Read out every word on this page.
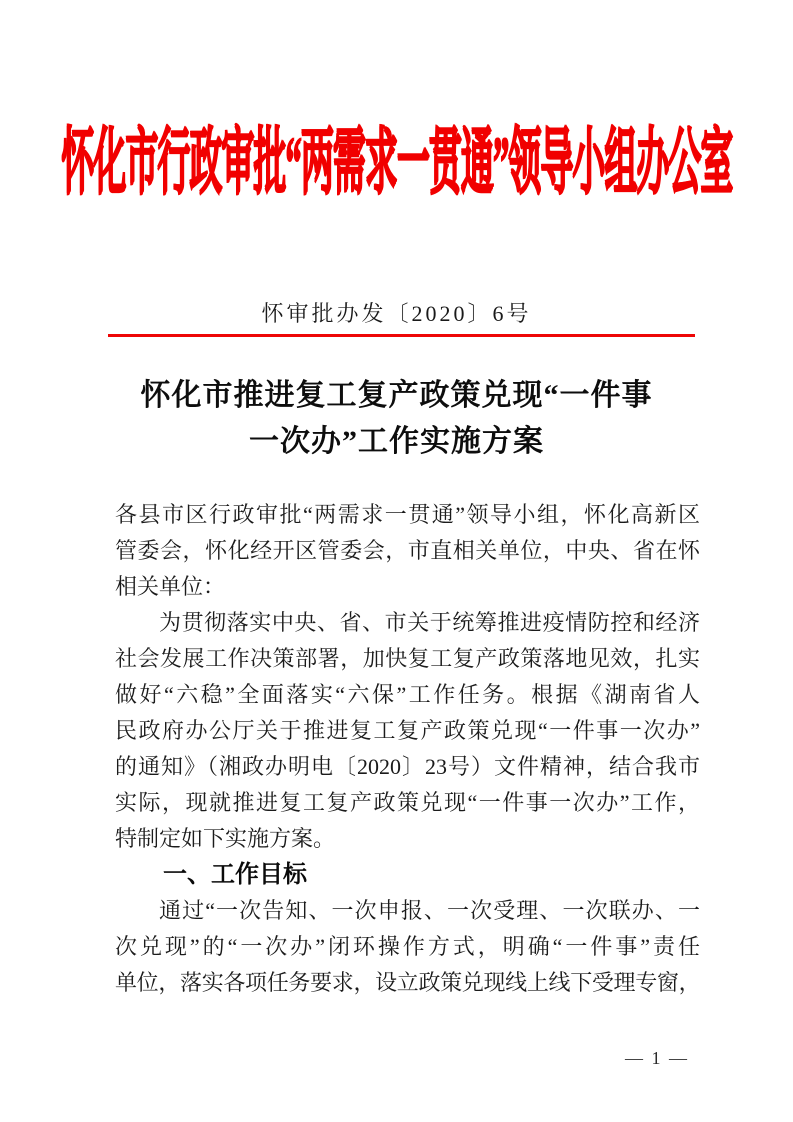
怀化市行政审批“两需求一贯通”领导小组办公室
怀审批办发〔2020〕6号
怀化市推进复工复产政策兑现“一件事
一次办”工作实施方案
各县市区行政审批“两需求一贯通”领导小组，怀化高新区
管委会，怀化经开区管委会，市直相关单位，中央、省在怀
相关单位：
为贯彻落实中央、省、市关于统筹推进疫情防控和经济
社会发展工作决策部署，加快复工复产政策落地见效，扎实
做好“六稳”全面落实“六保”工作任务。根据《湖南省人
民政府办公厅关于推进复工复产政策兑现“一件事一次办”
的通知》（湘政办明电〔2020〕23号）文件精神，结合我市
实际，现就推进复工复产政策兑现“一件事一次办”工作，
特制定如下实施方案。
一、工作目标
通过“一次告知、一次申报、一次受理、一次联办、一
次兑现”的“一次办”闭环操作方式，明确“一件事”责任
单位，落实各项任务要求，设立政策兑现线上线下受理专窗，
— 1 —
